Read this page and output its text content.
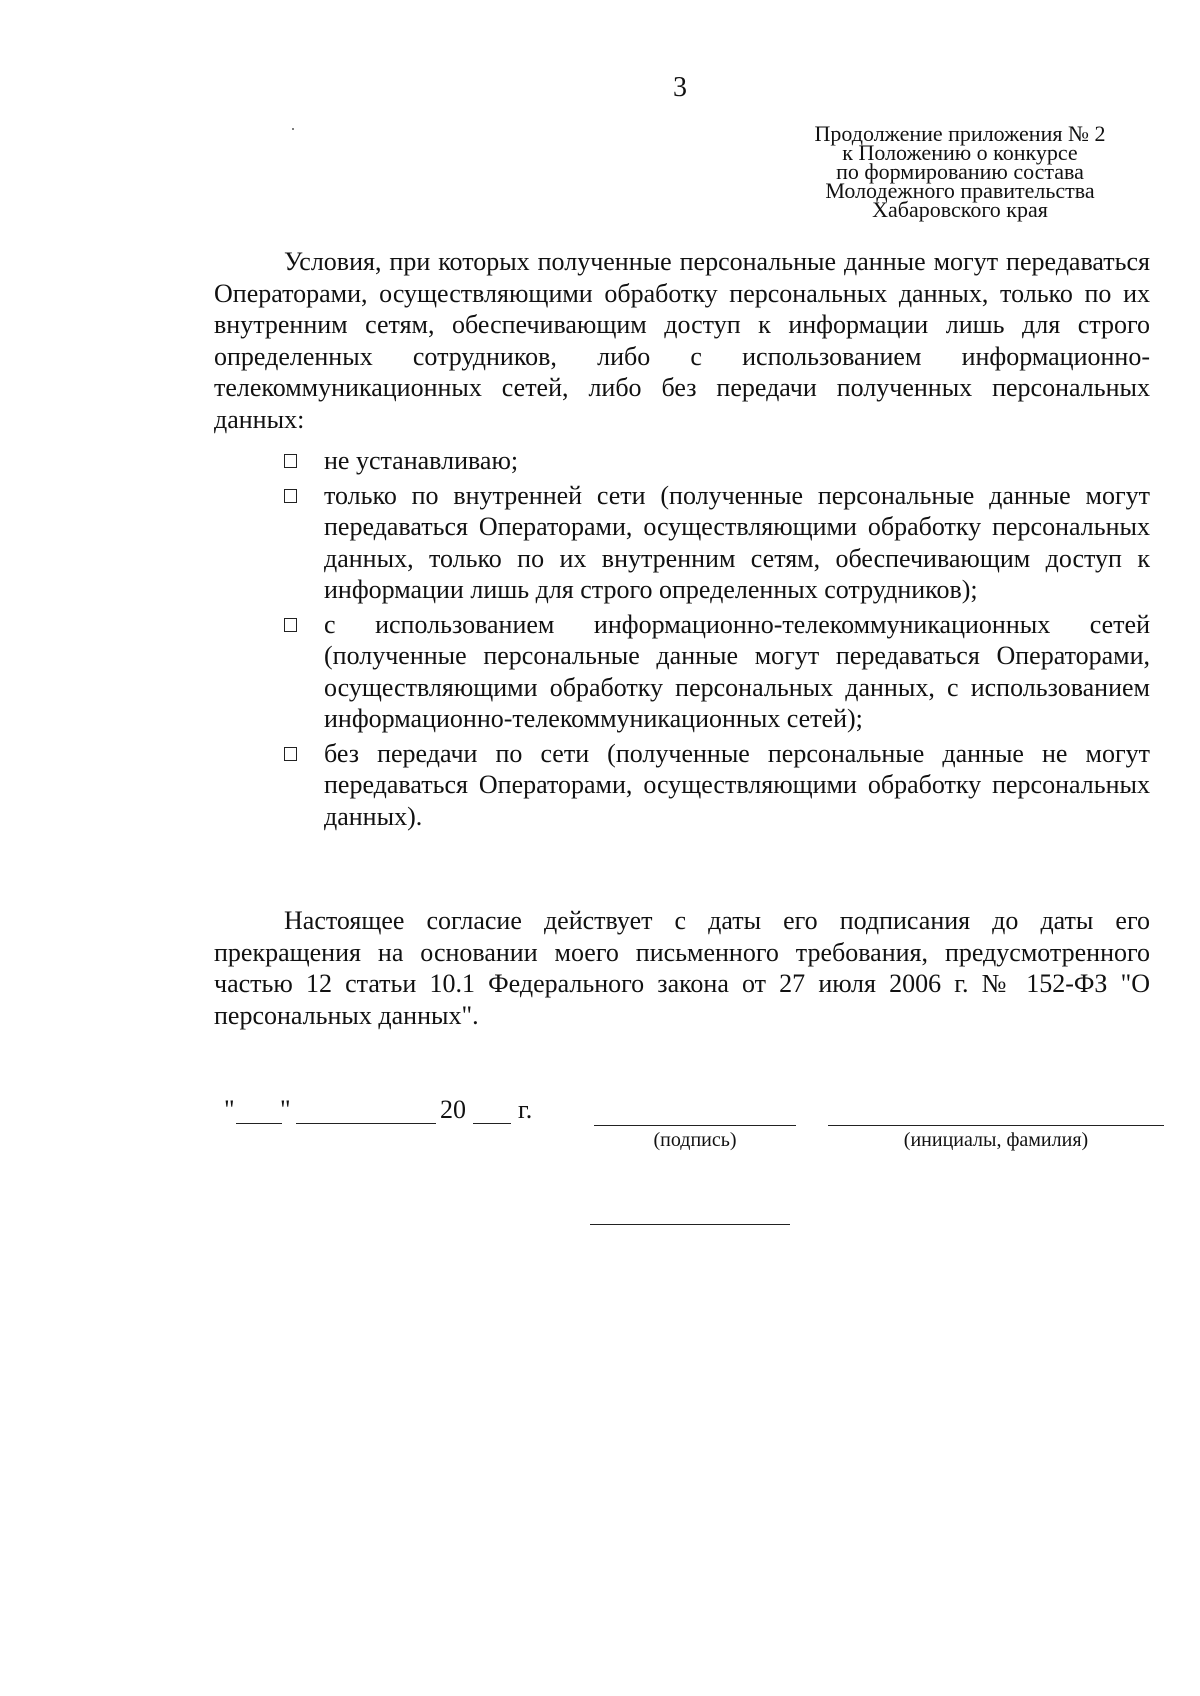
3
Продолжение приложения № 2
к Положению о конкурсе
по формированию состава
Молодежного правительства
Хабаровского края
Условия, при которых полученные персональные данные могут передаваться Операторами, осуществляющими обработку персональных данных, только по их внутренним сетям, обеспечивающим доступ к информации лишь для строго определенных сотрудников, либо с использованием информационно-телекоммуникационных сетей, либо без передачи полученных персональных данных:
не устанавливаю;
только по внутренней сети (полученные персональные данные могут передаваться Операторами, осуществляющими обработку персональных данных, только по их внутренним сетям, обеспечивающим доступ к информации лишь для строго определенных сотрудников);
с использованием информационно-телекоммуникационных сетей (полученные персональные данные могут передаваться Операторами, осуществляющими обработку персональных данных, с использованием информационно-телекоммуникационных сетей);
без передачи по сети (полученные персональные данные не могут передаваться Операторами, осуществляющими обработку персональных данных).
Настоящее согласие действует с даты его подписания до даты его прекращения на основании моего письменного требования, предусмотренного частью 12 статьи 10.1 Федерального закона от 27 июля 2006 г. № 152-ФЗ "О персональных данных".
" "	20 г.
(подпись)	(инициалы, фамилия)
